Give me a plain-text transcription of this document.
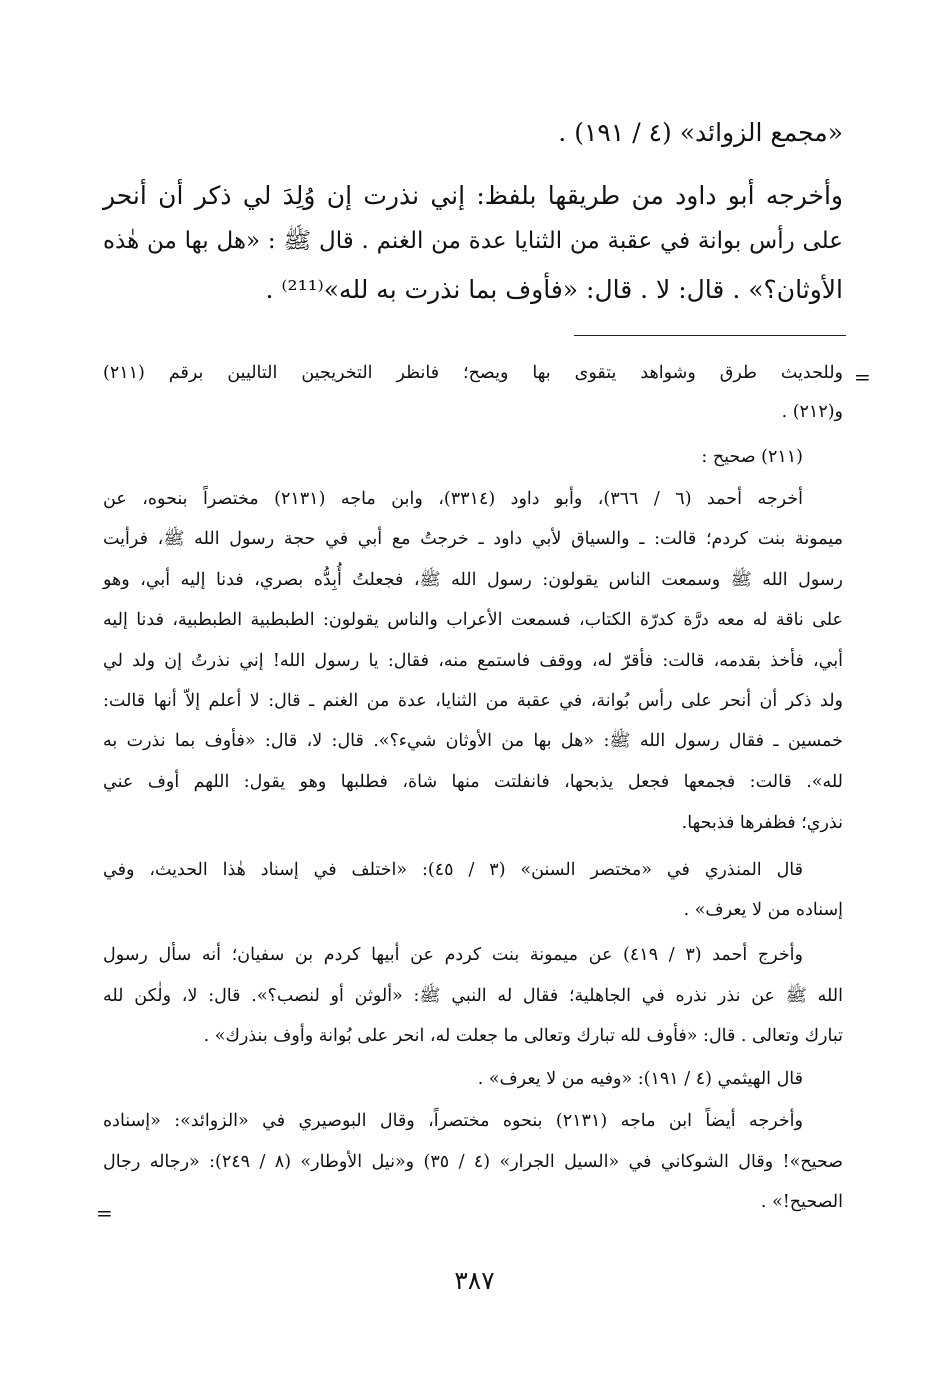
«مجمع الزوائد» (٤ / ١٩١) .
وأخرجه أبو داود من طريقها بلفظ: إني نذرت إن وُلِدَ لي ذكر أن أنحر
على رأس بوانة في عقبة من الثنايا عدة من الغنم . قال ﷺ : «هل بها من هٰذه
الأوثان؟» . قال: لا . قال: «فأوف بما نذرت به لله»⁽²¹¹⁾ .
=
وللحديث طرق وشواهد يتقوى بها ويصح؛ فانظر التخريجين التاليين برقم (٢١١)
و(٢١٢) .
(٢١١) صحيح :
أخرجه أحمد (٦ / ٣٦٦)، وأبو داود (٣٣١٤)، وابن ماجه (٢١٣١) مختصراً بنحوه، عن
ميمونة بنت كردم؛ قالت: ـ والسياق لأبي داود ـ خرجتُ مع أبي في حجة رسول الله ﷺ، فرأيت
رسول الله ﷺ وسمعت الناس يقولون: رسول الله ﷺ، فجعلتُ أُبِدُّه بصري، فدنا إليه أبي، وهو
على ناقة له معه درَّة كدرّة الكتاب، فسمعت الأعراب والناس يقولون: الطبطبية الطبطبية، فدنا إليه
أبي، فأخذ بقدمه، قالت: فأقرّ له، ووقف فاستمع منه، فقال: يا رسول الله! إني نذرتُ إن ولد لي
ولد ذكر أن أنحر على رأس بُوانة، في عقبة من الثنايا، عدة من الغنم ـ قال: لا أعلم إلاّ أنها قالت:
خمسين ـ فقال رسول الله ﷺ: «هل بها من الأوثان شيء؟». قال: لا، قال: «فأوف بما نذرت به
لله». قالت: فجمعها فجعل يذبحها، فانفلتت منها شاة، فطلبها وهو يقول: اللهم أوف عني
نذري؛ فظفرها فذبحها.
قال المنذري في «مختصر السنن» (٣ / ٤٥): «اختلف في إسناد هٰذا الحديث، وفي
إسناده من لا يعرف» .
وأخرج أحمد (٣ / ٤١٩) عن ميمونة بنت كردم عن أبيها كردم بن سفيان؛ أنه سأل رسول
الله ﷺ عن نذر نذره في الجاهلية؛ فقال له النبي ﷺ: «ألوثن أو لنصب؟». قال: لا، ولٰكن لله
تبارك وتعالى . قال: «فأوف لله تبارك وتعالى ما جعلت له، انحر على بُوانة وأوف بنذرك» .
قال الهيثمي (٤ / ١٩١): «وفيه من لا يعرف» .
وأخرجه أيضاً ابن ماجه (٢١٣١) بنحوه مختصراً، وقال البوصيري في «الزوائد»: «إسناده
صحيح»! وقال الشوكاني في «السيل الجرار» (٤ / ٣٥) و«نيل الأوطار» (٨ / ٢٤٩): «رجاله رجال
الصحيح!» .
=
٣٨٧
